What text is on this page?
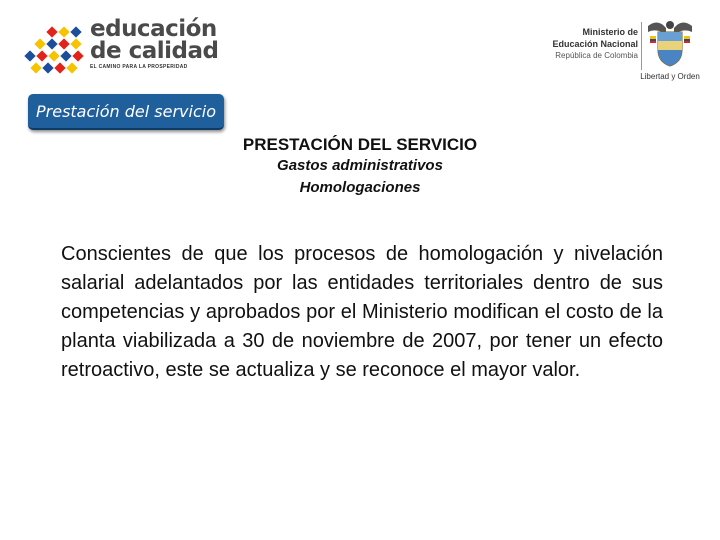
educación
de calidad
EL CAMINO PARA LA PROSPERIDAD
Ministerio de
Educación Nacional
República de Colombia
Libertad y Orden
Prestación del servicio
PRESTACIÓN DEL SERVICIO
Gastos administrativos
Homologaciones
Conscientes de que los procesos de homologación y nivelación salarial adelantados por las entidades territoriales dentro de sus competencias y aprobados por el Ministerio modifican el costo de la planta viabilizada a 30 de noviembre de 2007, por tener un efecto retroactivo, este se actualiza y se reconoce el mayor valor.
